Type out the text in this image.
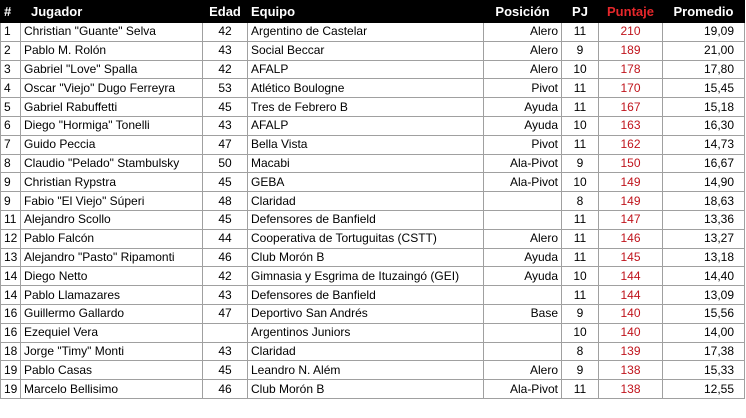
#	Jugador	Edad	Equipo	Posición	PJ	Puntaje	Promedio
1	Christian "Guante" Selva	42	Argentino de Castelar	Alero	11	210	19,09
2	Pablo M. Rolón	43	Social Beccar	Alero	9	189	21,00
3	Gabriel "Love" Spalla	42	AFALP	Alero	10	178	17,80
4	Oscar "Viejo" Dugo Ferreyra	53	Atlético Boulogne	Pivot	11	170	15,45
5	Gabriel Rabuffetti	45	Tres de Febrero B	Ayuda	11	167	15,18
6	Diego "Hormiga" Tonelli	43	AFALP	Ayuda	10	163	16,30
7	Guido Peccia	47	Bella Vista	Pivot	11	162	14,73
8	Claudio "Pelado" Stambulsky	50	Macabi	Ala-Pivot	9	150	16,67
9	Christian Rypstra	45	GEBA	Ala-Pivot	10	149	14,90
9	Fabio "El Viejo" Súperi	48	Claridad		8	149	18,63
11	Alejandro Scollo	45	Defensores de Banfield		11	147	13,36
12	Pablo Falcón	44	Cooperativa de Tortuguitas (CSTT)	Alero	11	146	13,27
13	Alejandro "Pasto" Ripamonti	46	Club Morón B	Ayuda	11	145	13,18
14	Diego Netto	42	Gimnasia y Esgrima de Ituzaingó (GEI)	Ayuda	10	144	14,40
14	Pablo Llamazares	43	Defensores de Banfield		11	144	13,09
16	Guillermo Gallardo	47	Deportivo San Andrés	Base	9	140	15,56
16	Ezequiel Vera		Argentinos Juniors		10	140	14,00
18	Jorge "Timy" Monti	43	Claridad		8	139	17,38
19	Pablo Casas	45	Leandro N. Além	Alero	9	138	15,33
19	Marcelo Bellisimo	46	Club Morón B	Ala-Pivot	11	138	12,55
